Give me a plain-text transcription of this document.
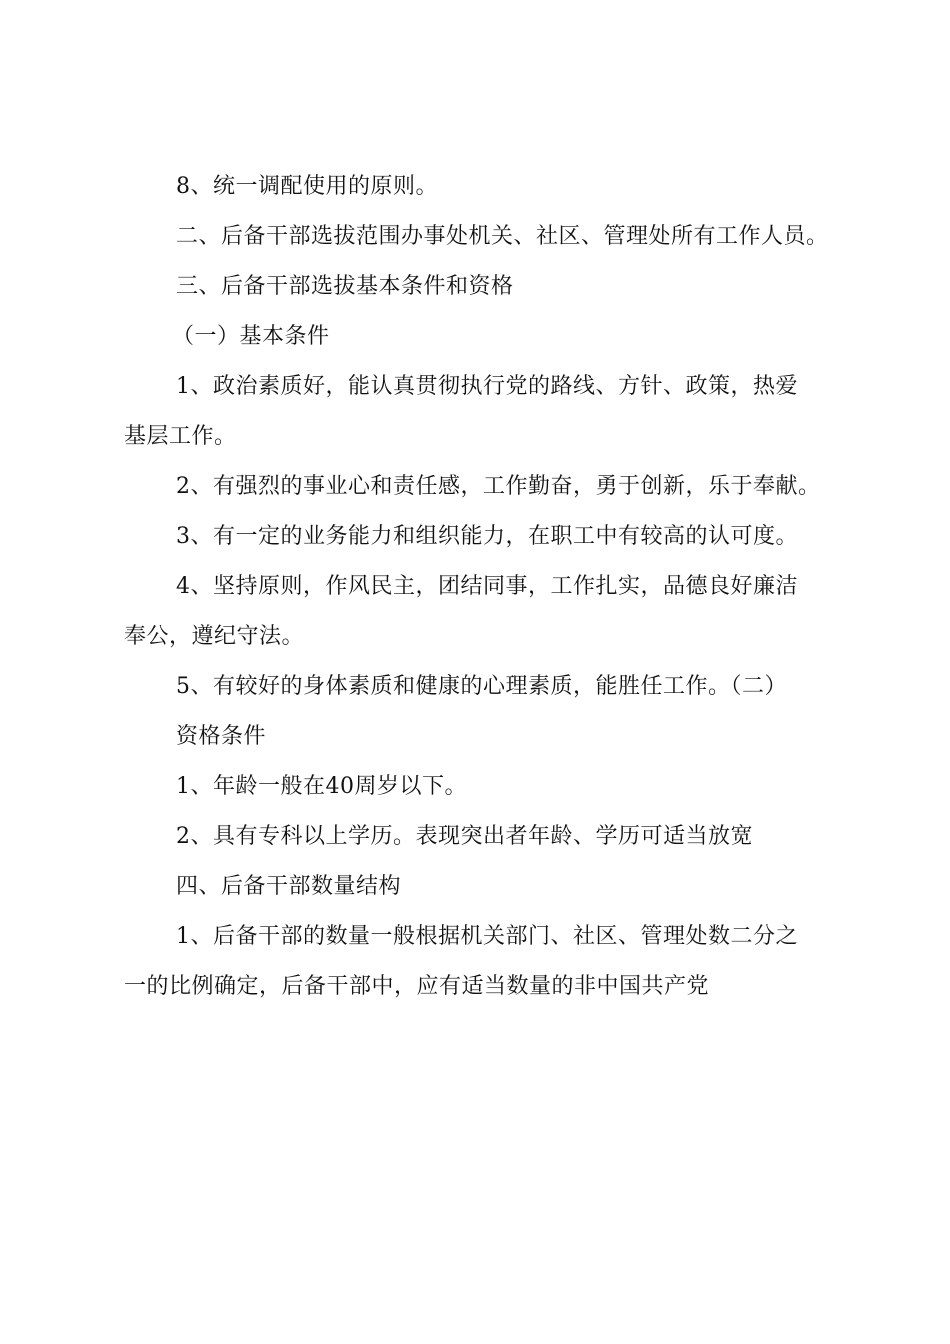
8、统一调配使用的原则。
二、后备干部选拔范围办事处机关、社区、管理处所有工作人员。
三、后备干部选拔基本条件和资格
（一）基本条件
1、政治素质好，能认真贯彻执行党的路线、方针、政策，热爱
基层工作。
2、有强烈的事业心和责任感，工作勤奋，勇于创新，乐于奉献。
3、有一定的业务能力和组织能力，在职工中有较高的认可度。
4、坚持原则，作风民主，团结同事，工作扎实，品德良好廉洁
奉公，遵纪守法。
5、有较好的身体素质和健康的心理素质，能胜任工作。（二）
资格条件
1、年龄一般在40周岁以下。
2、具有专科以上学历。表现突出者年龄、学历可适当放宽
四、后备干部数量结构
1、后备干部的数量一般根据机关部门、社区、管理处数二分之
一的比例确定，后备干部中，应有适当数量的非中国共产党
